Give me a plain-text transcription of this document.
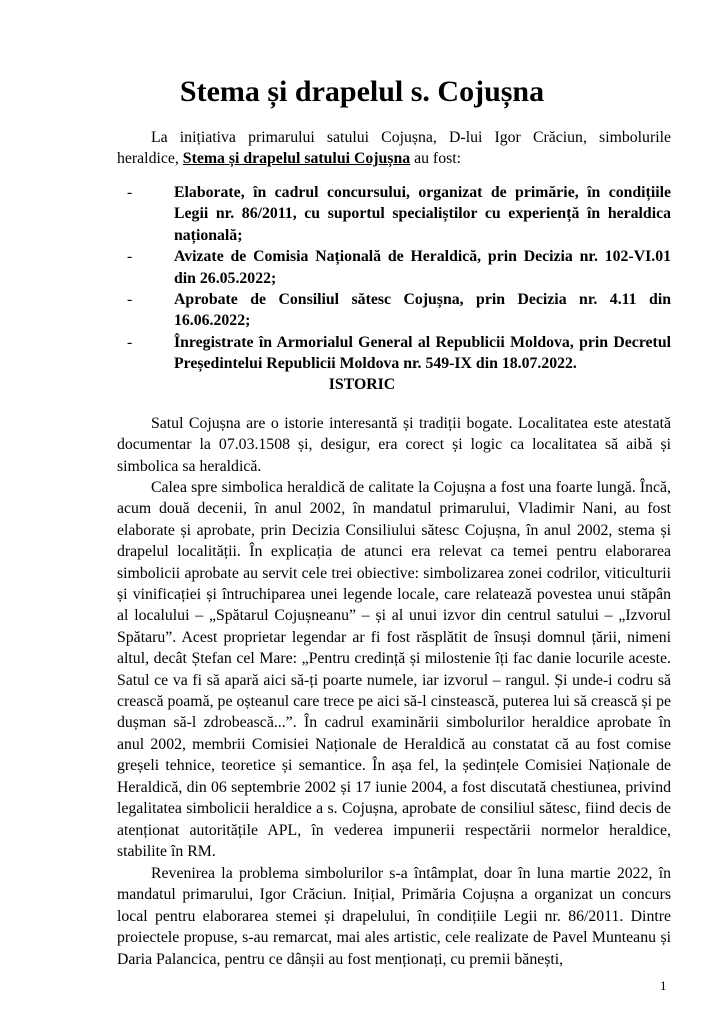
Stema și drapelul s. Cojușna

La inițiativa primarului satului Cojușna, D-lui Igor Crăciun, simbolurile heraldice, Stema și drapelul satului Cojușna au fost:

-	Elaborate, în cadrul concursului, organizat de primărie, în condițiile Legii nr. 86/2011, cu suportul specialiștilor cu experiență în heraldica națională;
-	Avizate de Comisia Națională de Heraldică, prin Decizia nr. 102-VI.01 din 26.05.2022;
-	Aprobate de Consiliul sătesc Cojușna, prin Decizia nr. 4.11 din 16.06.2022;
-	Înregistrate în Armorialul General al Republicii Moldova, prin Decretul Președintelui Republicii Moldova nr. 549-IX din 18.07.2022.
ISTORIC

Satul Cojușna are o istorie interesantă și tradiții bogate. Localitatea este atestată documentar la 07.03.1508 și, desigur, era corect și logic ca localitatea să aibă și simbolica sa heraldică.

Calea spre simbolica heraldică de calitate la Cojușna a fost una foarte lungă. Încă, acum două decenii, în anul 2002, în mandatul primarului, Vladimir Nani, au fost elaborate și aprobate, prin Decizia Consiliului sătesc Cojușna, în anul 2002, stema și drapelul localității. În explicația de atunci era relevat ca temei pentru elaborarea simbolicii aprobate au servit cele trei obiective: simbolizarea zonei codrilor, viticulturii și vinificației și întruchiparea unei legende locale, care relatează povestea unui stăpân al localului – „Spătarul Cojușneanu” – și al unui izvor din centrul satului – „Izvorul Spătaru”. Acest proprietar legendar ar fi fost răsplătit de însuși domnul țării, nimeni altul, decât Ștefan cel Mare: „Pentru credință și milostenie îți fac danie locurile aceste. Satul ce va fi să apară aici să-ți poarte numele, iar izvorul – rangul. Și unde-i codru să crească poamă, pe oșteanul care trece pe aici să-l cinstească, puterea lui să crească și pe dușman să-l zdrobească...”. În cadrul examinării simbolurilor heraldice aprobate în anul 2002, membrii Comisiei Naționale de Heraldică au constatat că au fost comise greșeli tehnice, teoretice și semantice. În așa fel, la ședințele Comisiei Naționale de Heraldică, din 06 septembrie 2002 și 17 iunie 2004, a fost discutată chestiunea, privind legalitatea simbolicii heraldice a s. Cojușna, aprobate de consiliul sătesc, fiind decis de atenționat autoritățile APL, în vederea impunerii respectării normelor heraldice, stabilite în RM.

Revenirea la problema simbolurilor s-a întâmplat, doar în luna martie 2022, în mandatul primarului, Igor Crăciun. Inițial, Primăria Cojușna a organizat un concurs local pentru elaborarea stemei și drapelului, în condițiile Legii nr. 86/2011. Dintre proiectele propuse, s-au remarcat, mai ales artistic, cele realizate de Pavel Munteanu și Daria Palancica, pentru ce dânșii au fost menționați, cu premii bănești,

1
